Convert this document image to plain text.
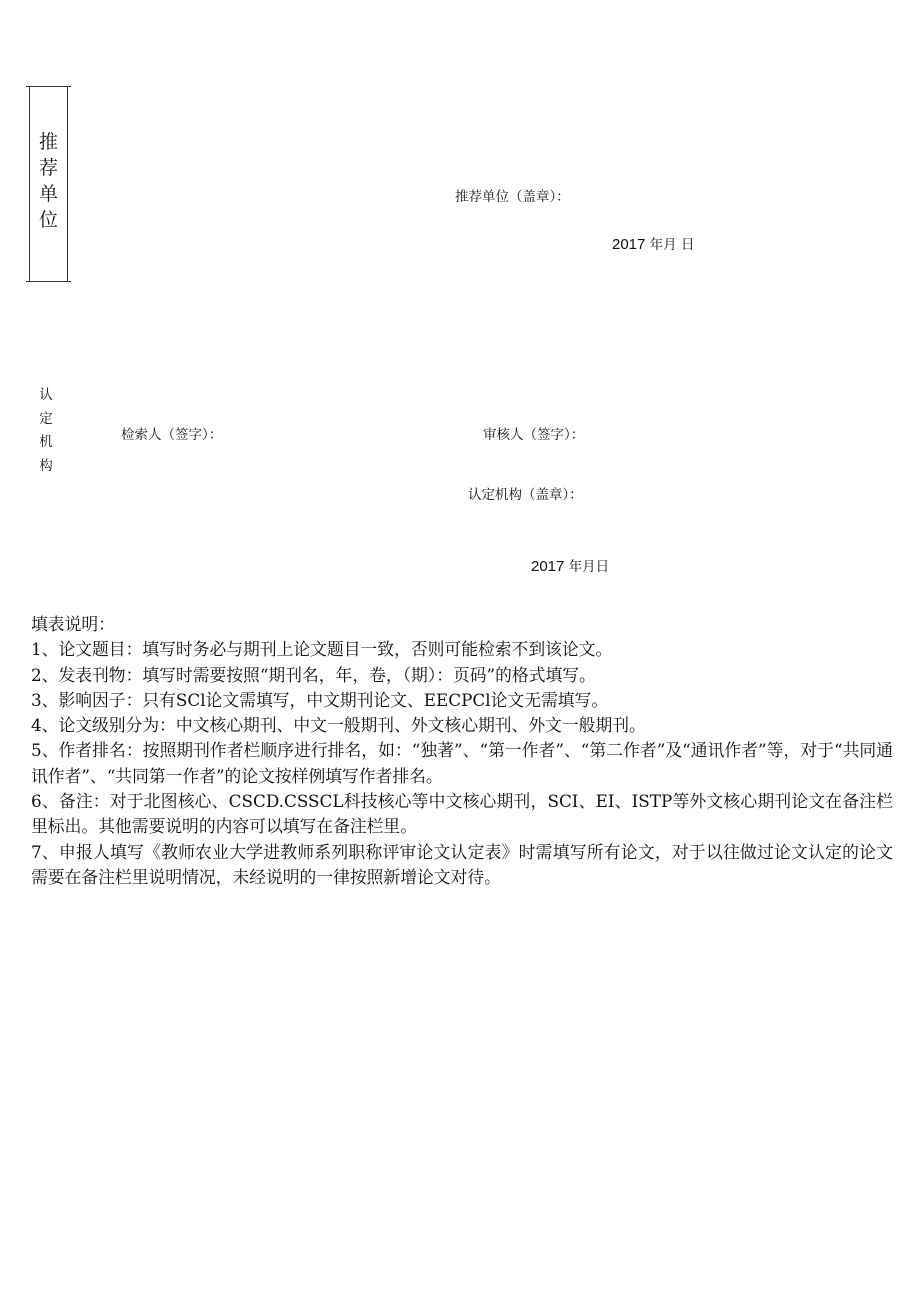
推
荐
单
位
推荐单位（盖章）：
2017 年月 日
认
定
机
构
检索人（签字）：	审核人（签字）：
认定机构（盖章）：
2017 年月日

填表说明：

1、论文题目：填写时务必与期刊上论文题目一致，否则可能检索不到该论文。

2、发表刊物：填写时需要按照“期刊名，年，卷，（期）：页码”的格式填写。

3、影响因子：只有SCl论文需填写，中文期刊论文、EECPCl论文无需填写。

4、论文级别分为：中文核心期刊、中文一般期刊、外文核心期刊、外文一般期刊。

5、作者排名：按照期刊作者栏顺序进行排名，如：“独著”、“第一作者”、“第二作者”及“通讯作者”等，对于“共同通讯作者”、“共同第一作者”的论文按样例填写作者排名。

6、备注：对于北图核心、CSCD.CSSCL科技核心等中文核心期刊，SCI、EI、ISTP等外文核心期刊论文在备注栏里标出。其他需要说明的内容可以填写在备注栏里。

7、申报人填写《教师农业大学进教师系列职称评审论文认定表》时需填写所有论文，对于以往做过论文认定的论文需要在备注栏里说明情况，未经说明的一律按照新增论文对待。
